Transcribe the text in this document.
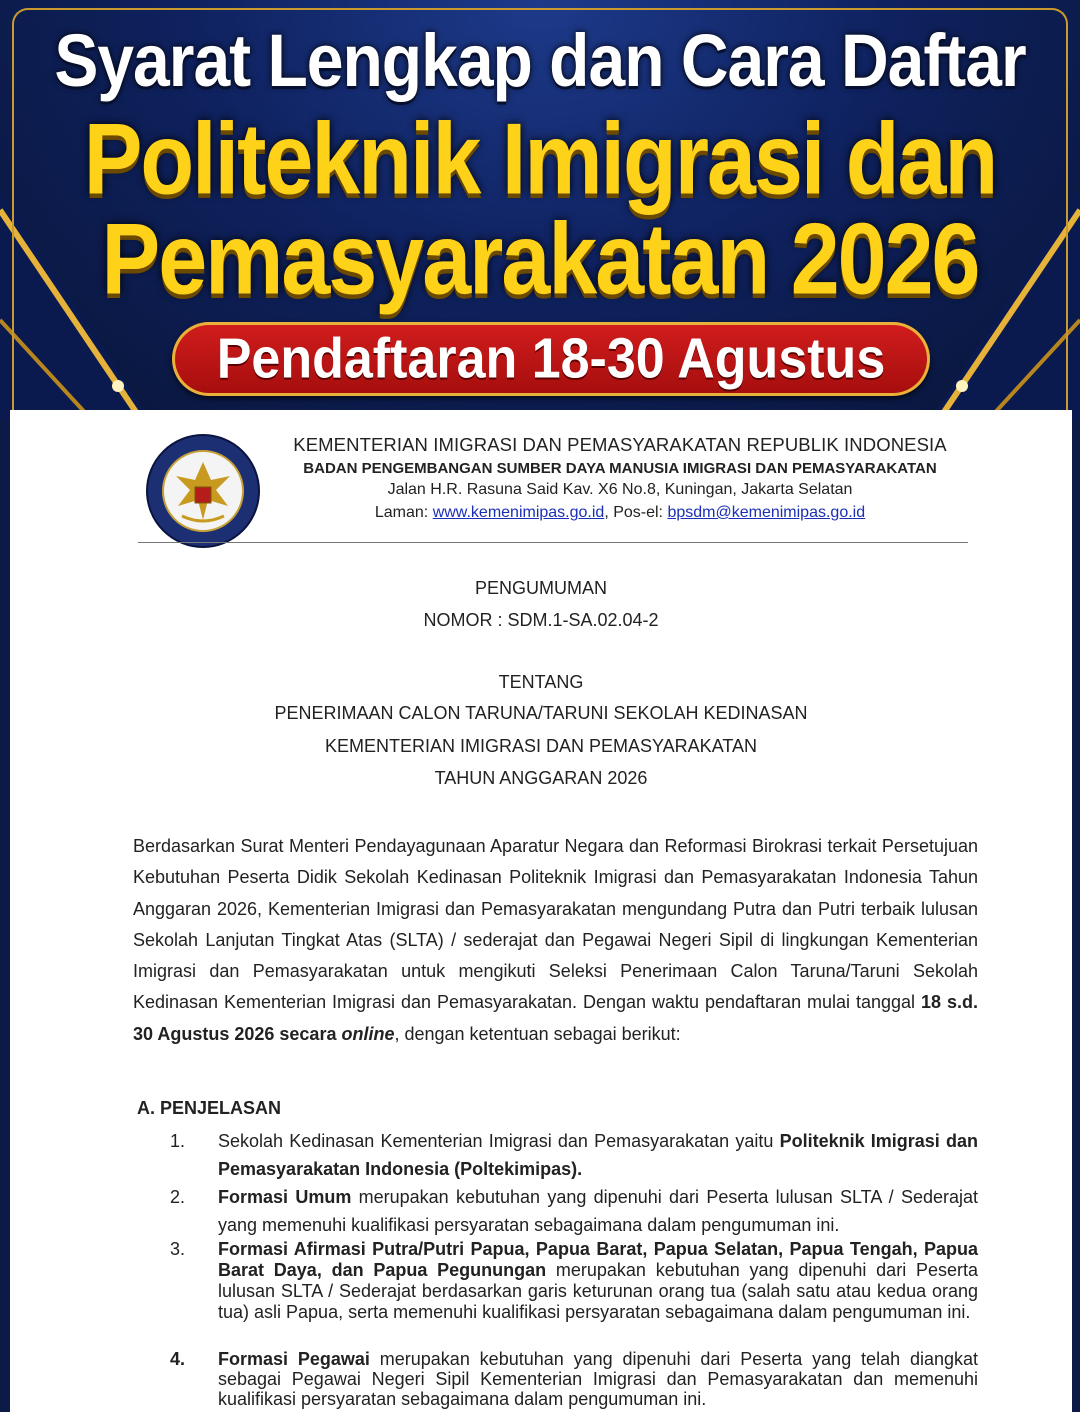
Syarat Lengkap dan Cara Daftar
Politeknik Imigrasi dan
Pemasyarakatan 2026
Pendaftaran 18-30 Agustus
KEMENTERIAN IMIGRASI DAN PEMASYARAKATAN REPUBLIK INDONESIA
BADAN PENGEMBANGAN SUMBER DAYA MANUSIA IMIGRASI DAN PEMASYARAKATAN
Jalan H.R. Rasuna Said Kav. X6 No.8, Kuningan, Jakarta Selatan
Laman: www.kemenimipas.go.id, Pos-el: bpsdm@kemenimipas.go.id
PENGUMUMAN
NOMOR : SDM.1-SA.02.04-2
TENTANG
PENERIMAAN CALON TARUNA/TARUNI SEKOLAH KEDINASAN
KEMENTERIAN IMIGRASI DAN PEMASYARAKATAN
TAHUN ANGGARAN 2026
Berdasarkan Surat Menteri Pendayagunaan Aparatur Negara dan Reformasi Birokrasi terkait Persetujuan Kebutuhan Peserta Didik Sekolah Kedinasan Politeknik Imigrasi dan Pemasyarakatan Indonesia Tahun Anggaran 2026, Kementerian Imigrasi dan Pemasyarakatan mengundang Putra dan Putri terbaik lulusan Sekolah Lanjutan Tingkat Atas (SLTA) / sederajat dan Pegawai Negeri Sipil di lingkungan Kementerian Imigrasi dan Pemasyarakatan untuk mengikuti Seleksi Penerimaan Calon Taruna/Taruni Sekolah Kedinasan Kementerian Imigrasi dan Pemasyarakatan. Dengan waktu pendaftaran mulai tanggal 18 s.d. 30 Agustus 2026 secara online, dengan ketentuan sebagai berikut:
A. PENJELASAN
1.	Sekolah Kedinasan Kementerian Imigrasi dan Pemasyarakatan yaitu Politeknik Imigrasi dan Pemasyarakatan Indonesia (Poltekimipas).
2.	Formasi Umum merupakan kebutuhan yang dipenuhi dari Peserta lulusan SLTA / Sederajat yang memenuhi kualifikasi persyaratan sebagaimana dalam pengumuman ini.
3.	Formasi Afirmasi Putra/Putri Papua, Papua Barat, Papua Selatan, Papua Tengah, Papua Barat Daya, dan Papua Pegunungan merupakan kebutuhan yang dipenuhi dari Peserta lulusan SLTA / Sederajat berdasarkan garis keturunan orang tua (salah satu atau kedua orang tua) asli Papua, serta memenuhi kualifikasi persyaratan sebagaimana dalam pengumuman ini.
4.	Formasi Pegawai merupakan kebutuhan yang dipenuhi dari Peserta yang telah diangkat sebagai Pegawai Negeri Sipil Kementerian Imigrasi dan Pemasyarakatan dan memenuhi kualifikasi persyaratan sebagaimana dalam pengumuman ini.
